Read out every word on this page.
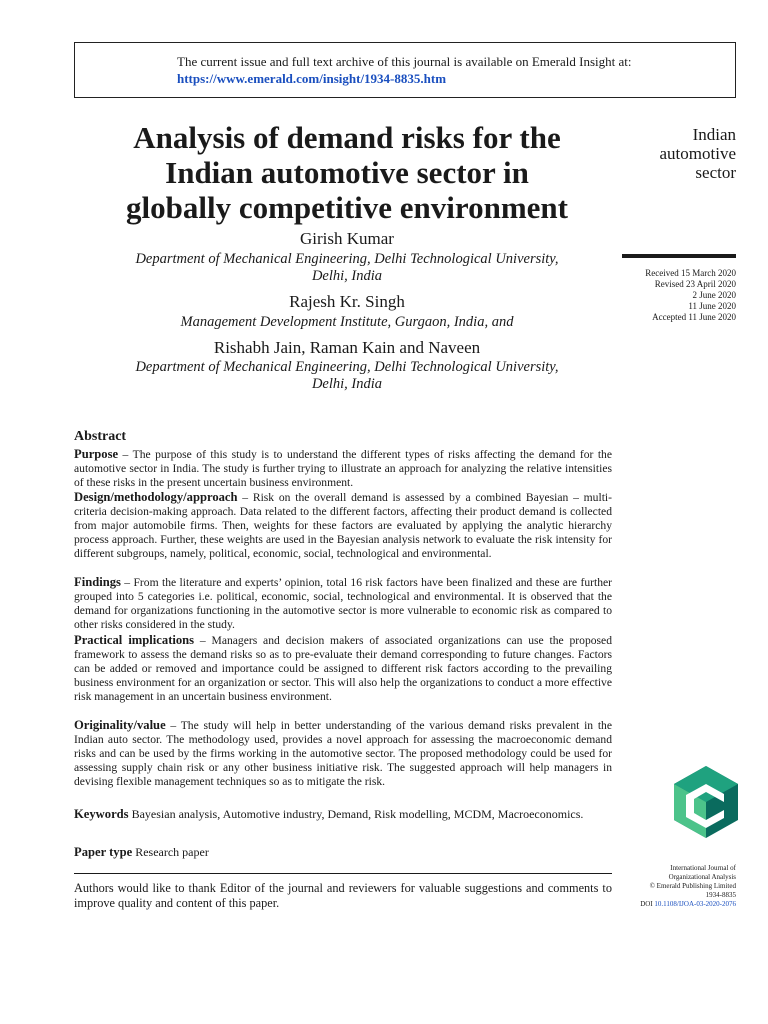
The current issue and full text archive of this journal is available on Emerald Insight at:
https://www.emerald.com/insight/1934-8835.htm
Analysis of demand risks for the
Indian automotive sector in
globally competitive environment
Indian
automotive
sector
Received 15 March 2020
Revised 23 April 2020
2 June 2020
11 June 2020
Accepted 11 June 2020
Girish Kumar
Department of Mechanical Engineering, Delhi Technological University,
Delhi, India
Rajesh Kr. Singh
Management Development Institute, Gurgaon, India, and
Rishabh Jain, Raman Kain and Naveen
Department of Mechanical Engineering, Delhi Technological University,
Delhi, India
Abstract
Purpose – The purpose of this study is to understand the different types of risks affecting the demand for the automotive sector in India. The study is further trying to illustrate an approach for analyzing the relative intensities of these risks in the present uncertain business environment.
Design/methodology/approach – Risk on the overall demand is assessed by a combined Bayesian – multi-criteria decision-making approach. Data related to the different factors, affecting their product demand is collected from major automobile firms. Then, weights for these factors are evaluated by applying the analytic hierarchy process approach. Further, these weights are used in the Bayesian analysis network to evaluate the risk intensity for different subgroups, namely, political, economic, social, technological and environmental.
Findings – From the literature and experts’ opinion, total 16 risk factors have been finalized and these are further grouped into 5 categories i.e. political, economic, social, technological and environmental. It is observed that the demand for organizations functioning in the automotive sector is more vulnerable to economic risk as compared to other risks considered in the study.
Practical implications – Managers and decision makers of associated organizations can use the proposed framework to assess the demand risks so as to pre-evaluate their demand corresponding to future changes. Factors can be added or removed and importance could be assigned to different risk factors according to the prevailing business environment for an organization or sector. This will also help the organizations to conduct a more effective risk management in an uncertain business environment.
Originality/value – The study will help in better understanding of the various demand risks prevalent in the Indian auto sector. The methodology used, provides a novel approach for assessing the macroeconomic demand risks and can be used by the firms working in the automotive sector. The proposed methodology could be used for assessing supply chain risk or any other business initiative risk. The suggested approach will help managers in devising flexible management techniques so as to mitigate the risk.
Keywords Bayesian analysis, Automotive industry, Demand, Risk modelling, MCDM, Macroeconomics.
Paper type Research paper
Authors would like to thank Editor of the journal and reviewers for valuable suggestions and comments to improve quality and content of this paper.
International Journal of
Organizational Analysis
© Emerald Publishing Limited
1934-8835
DOI 10.1108/IJOA-03-2020-2076
